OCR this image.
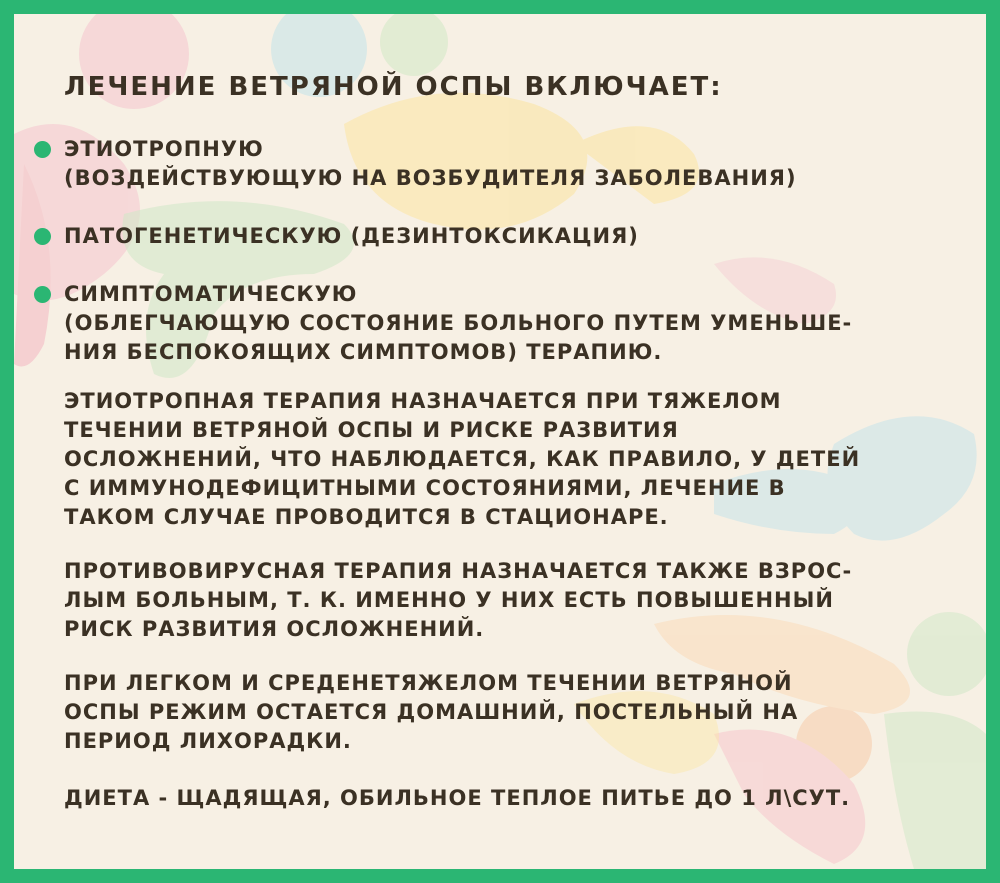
ЛЕЧЕНИЕ ВЕТРЯНОЙ ОСПЫ ВКЛЮЧАЕТ:
ЭТИОТРОПНУЮ
(ВОЗДЕЙСТВУЮЩУЮ НА ВОЗБУДИТЕЛЯ ЗАБОЛЕВАНИЯ)
ПАТОГЕНЕТИЧЕСКУЮ (ДЕЗИНТОКСИКАЦИЯ)
СИМПТОМАТИЧЕСКУЮ
(ОБЛЕГЧАЮЩУЮ СОСТОЯНИЕ БОЛЬНОГО ПУТЕМ УМЕНЬШЕ-
НИЯ БЕСПОКОЯЩИХ СИМПТОМОВ) ТЕРАПИЮ.

ЭТИОТРОПНАЯ ТЕРАПИЯ НАЗНАЧАЕТСЯ ПРИ ТЯЖЕЛОМ
ТЕЧЕНИИ ВЕТРЯНОЙ ОСПЫ И РИСКЕ РАЗВИТИЯ
ОСЛОЖНЕНИЙ, ЧТО НАБЛЮДАЕТСЯ, КАК ПРАВИЛО, У ДЕТЕЙ
С ИММУНОДЕФИЦИТНЫМИ СОСТОЯНИЯМИ, ЛЕЧЕНИЕ В
ТАКОМ СЛУЧАЕ ПРОВОДИТСЯ В СТАЦИОНАРЕ.

ПРОТИВОВИРУСНАЯ ТЕРАПИЯ НАЗНАЧАЕТСЯ ТАКЖЕ ВЗРОС-
ЛЫМ БОЛЬНЫМ, Т. К. ИМЕННО У НИХ ЕСТЬ ПОВЫШЕННЫЙ
РИСК РАЗВИТИЯ ОСЛОЖНЕНИЙ.

ПРИ ЛЕГКОМ И СРЕДЕНЕТЯЖЕЛОМ ТЕЧЕНИИ ВЕТРЯНОЙ
ОСПЫ РЕЖИМ ОСТАЕТСЯ ДОМАШНИЙ, ПОСТЕЛЬНЫЙ НА
ПЕРИОД ЛИХОРАДКИ.

ДИЕТА - ЩАДЯЩАЯ, ОБИЛЬНОЕ ТЕПЛОЕ ПИТЬЕ ДО 1 Л\СУТ.
